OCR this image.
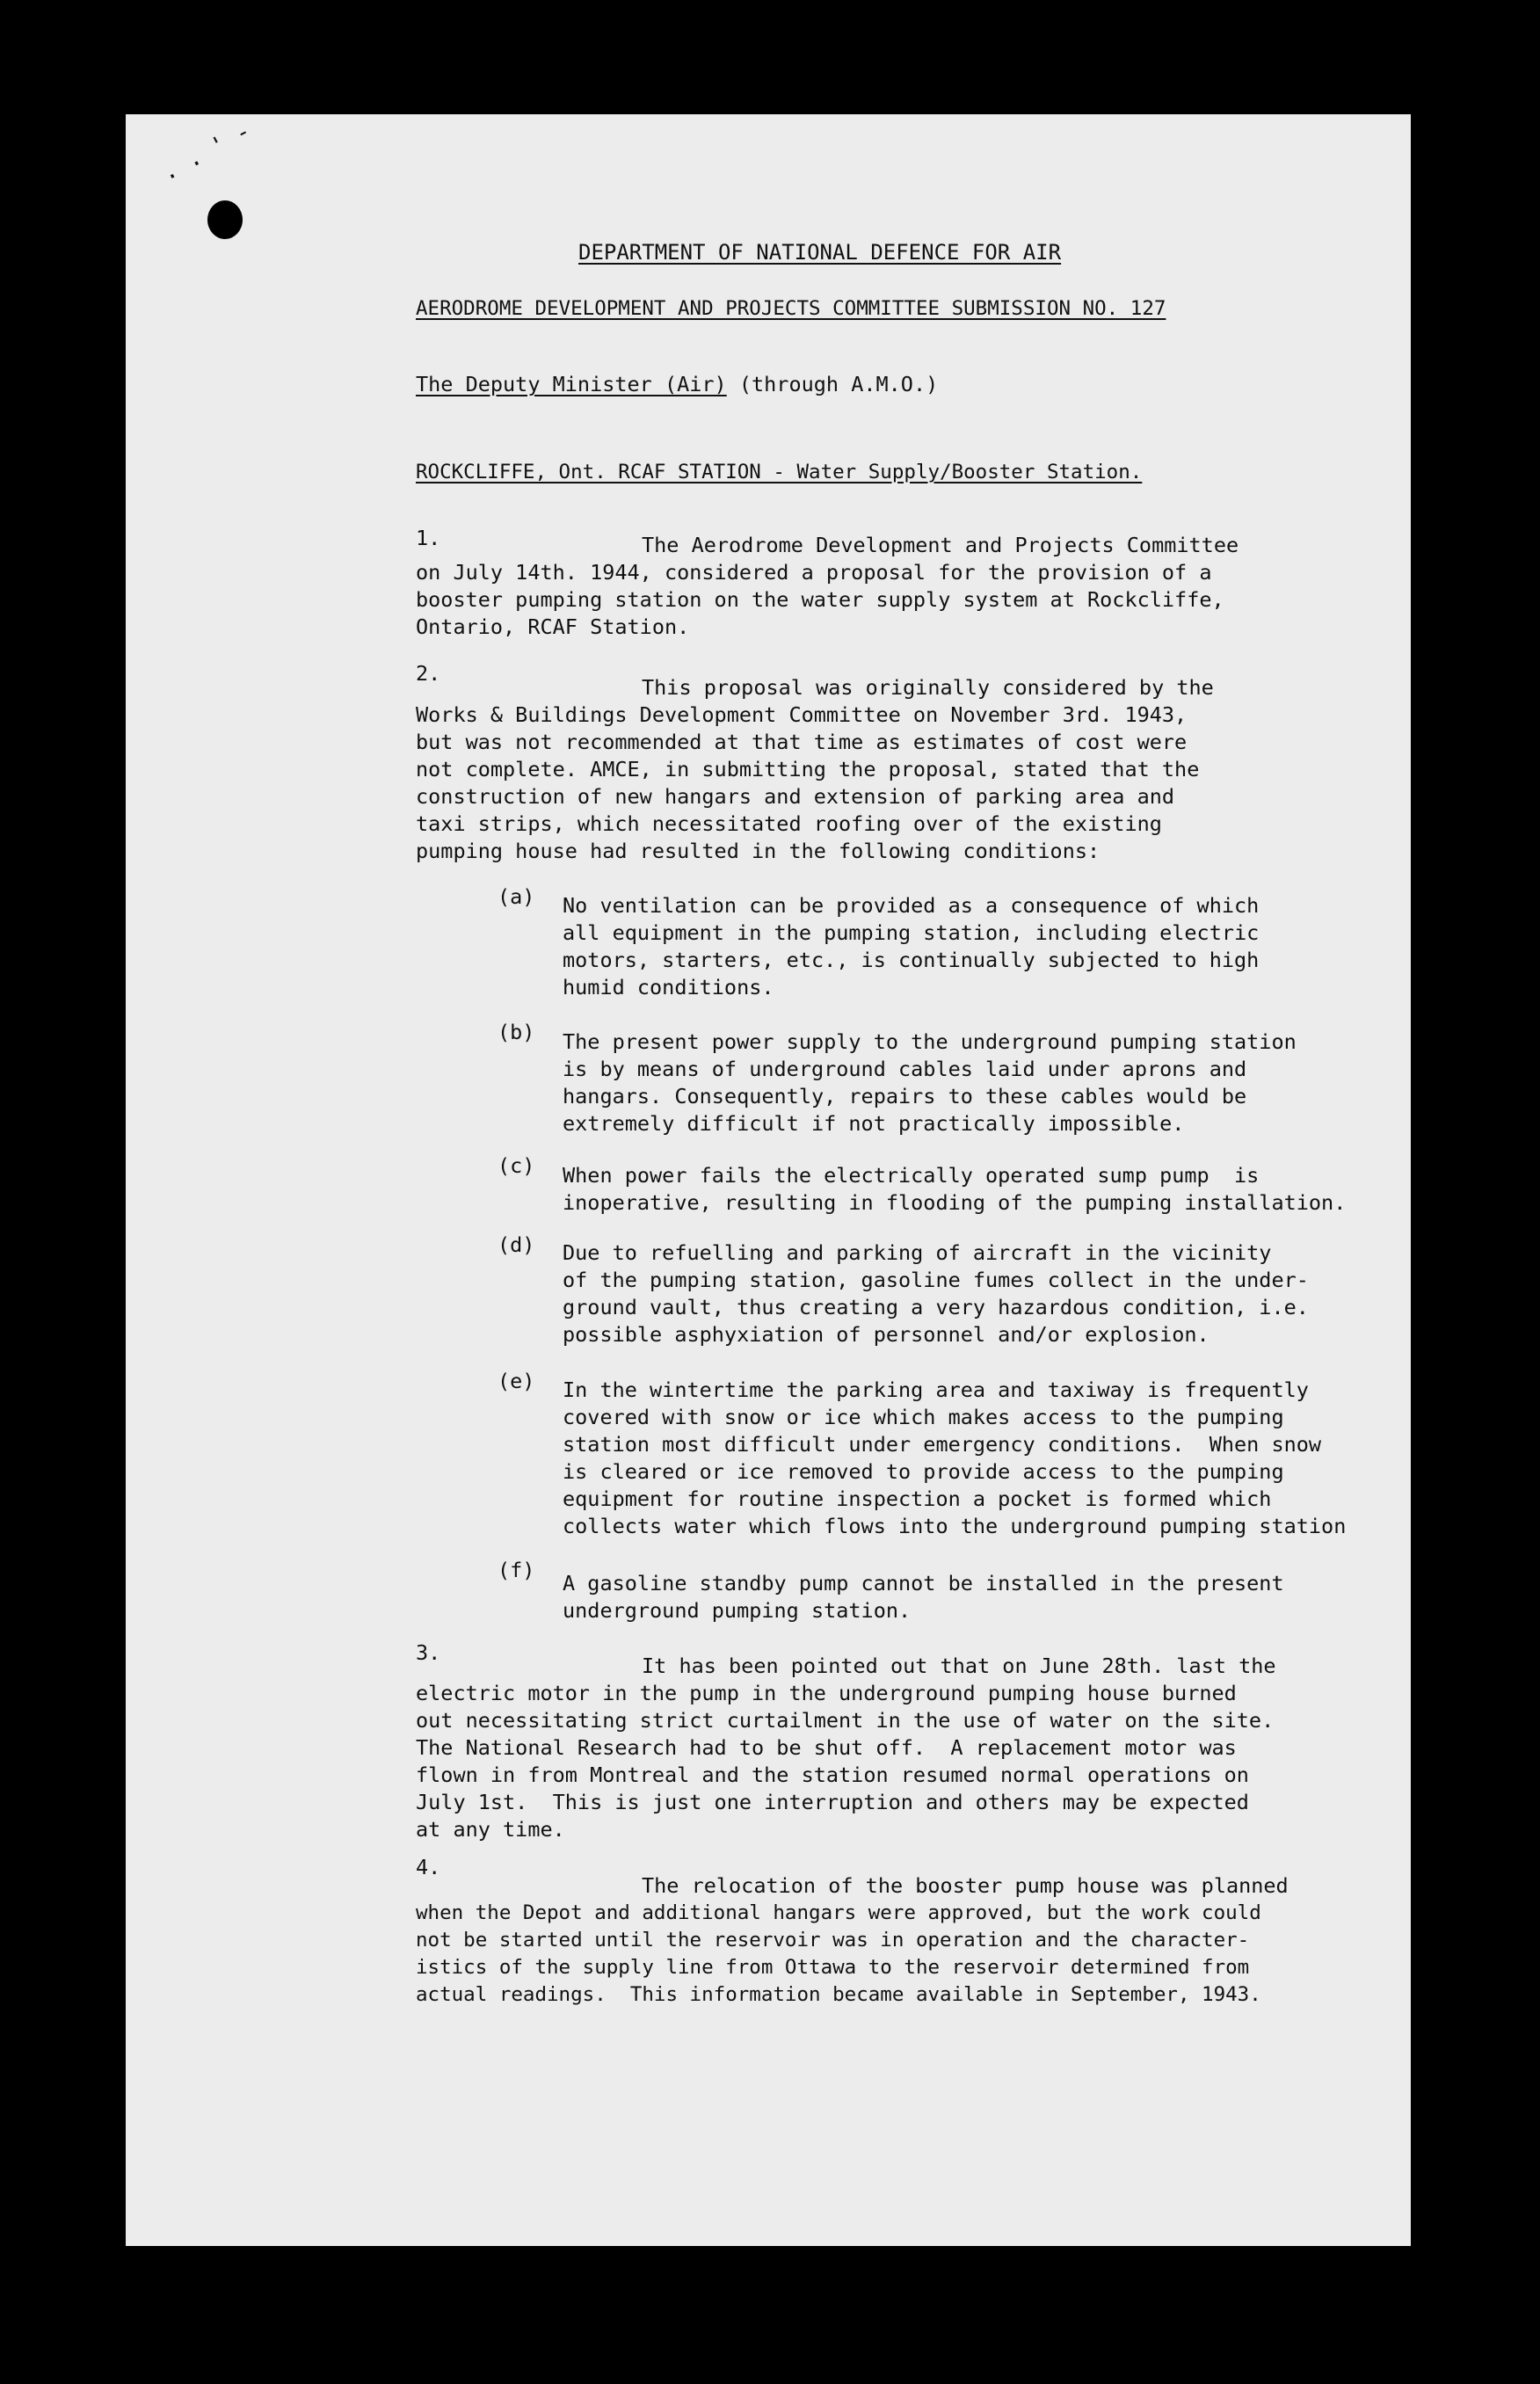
. . ' -
DEPARTMENT OF NATIONAL DEFENCE FOR AIR
AERODROME DEVELOPMENT AND PROJECTS COMMITTEE SUBMISSION NO. 127
The Deputy Minister (Air) (through A.M.O.)
ROCKCLIFFE, Ont. RCAF STATION - Water Supply/Booster Station.
1.	The Aerodrome Development and Projects Committee
on July 14th. 1944, considered a proposal for the provision of a
booster pumping station on the water supply system at Rockcliffe,
Ontario, RCAF Station.
2.
This proposal was originally considered by the
Works & Buildings Development Committee on November 3rd. 1943,
but was not recommended at that time as estimates of cost were
not complete. AMCE, in submitting the proposal, stated that the
construction of new hangars and extension of parking area and
taxi strips, which necessitated roofing over of the existing
pumping house had resulted in the following conditions:
(a) No ventilation can be provided as a consequence of which
all equipment in the pumping station, including electric
motors, starters, etc., is continually subjected to high
humid conditions.
(b) The present power supply to the underground pumping station
is by means of underground cables laid under aprons and
hangars. Consequently, repairs to these cables would be
extremely difficult if not practically impossible.
(c) When power fails the electrically operated sump pump  is
inoperative, resulting in flooding of the pumping installation.
(d) Due to refuelling and parking of aircraft in the vicinity
of the pumping station, gasoline fumes collect in the under-
ground vault, thus creating a very hazardous condition, i.e.
possible asphyxiation of personnel and/or explosion.
(e) In the wintertime the parking area and taxiway is frequently
covered with snow or ice which makes access to the pumping
station most difficult under emergency conditions.  When snow
is cleared or ice removed to provide access to the pumping
equipment for routine inspection a pocket is formed which
collects water which flows into the underground pumping station
(f)
A gasoline standby pump cannot be installed in the present
underground pumping station.
3.
It has been pointed out that on June 28th. last the
electric motor in the pump in the underground pumping house burned
out necessitating strict curtailment in the use of water on the site.
The National Research had to be shut off.  A replacement motor was
flown in from Montreal and the station resumed normal operations on
July 1st.  This is just one interruption and others may be expected
at any time.
4.
The relocation of the booster pump house was planned
when the Depot and additional hangars were approved, but the work could
not be started until the reservoir was in operation and the character-
istics of the supply line from Ottawa to the reservoir determined from
actual readings.  This information became available in September, 1943.
